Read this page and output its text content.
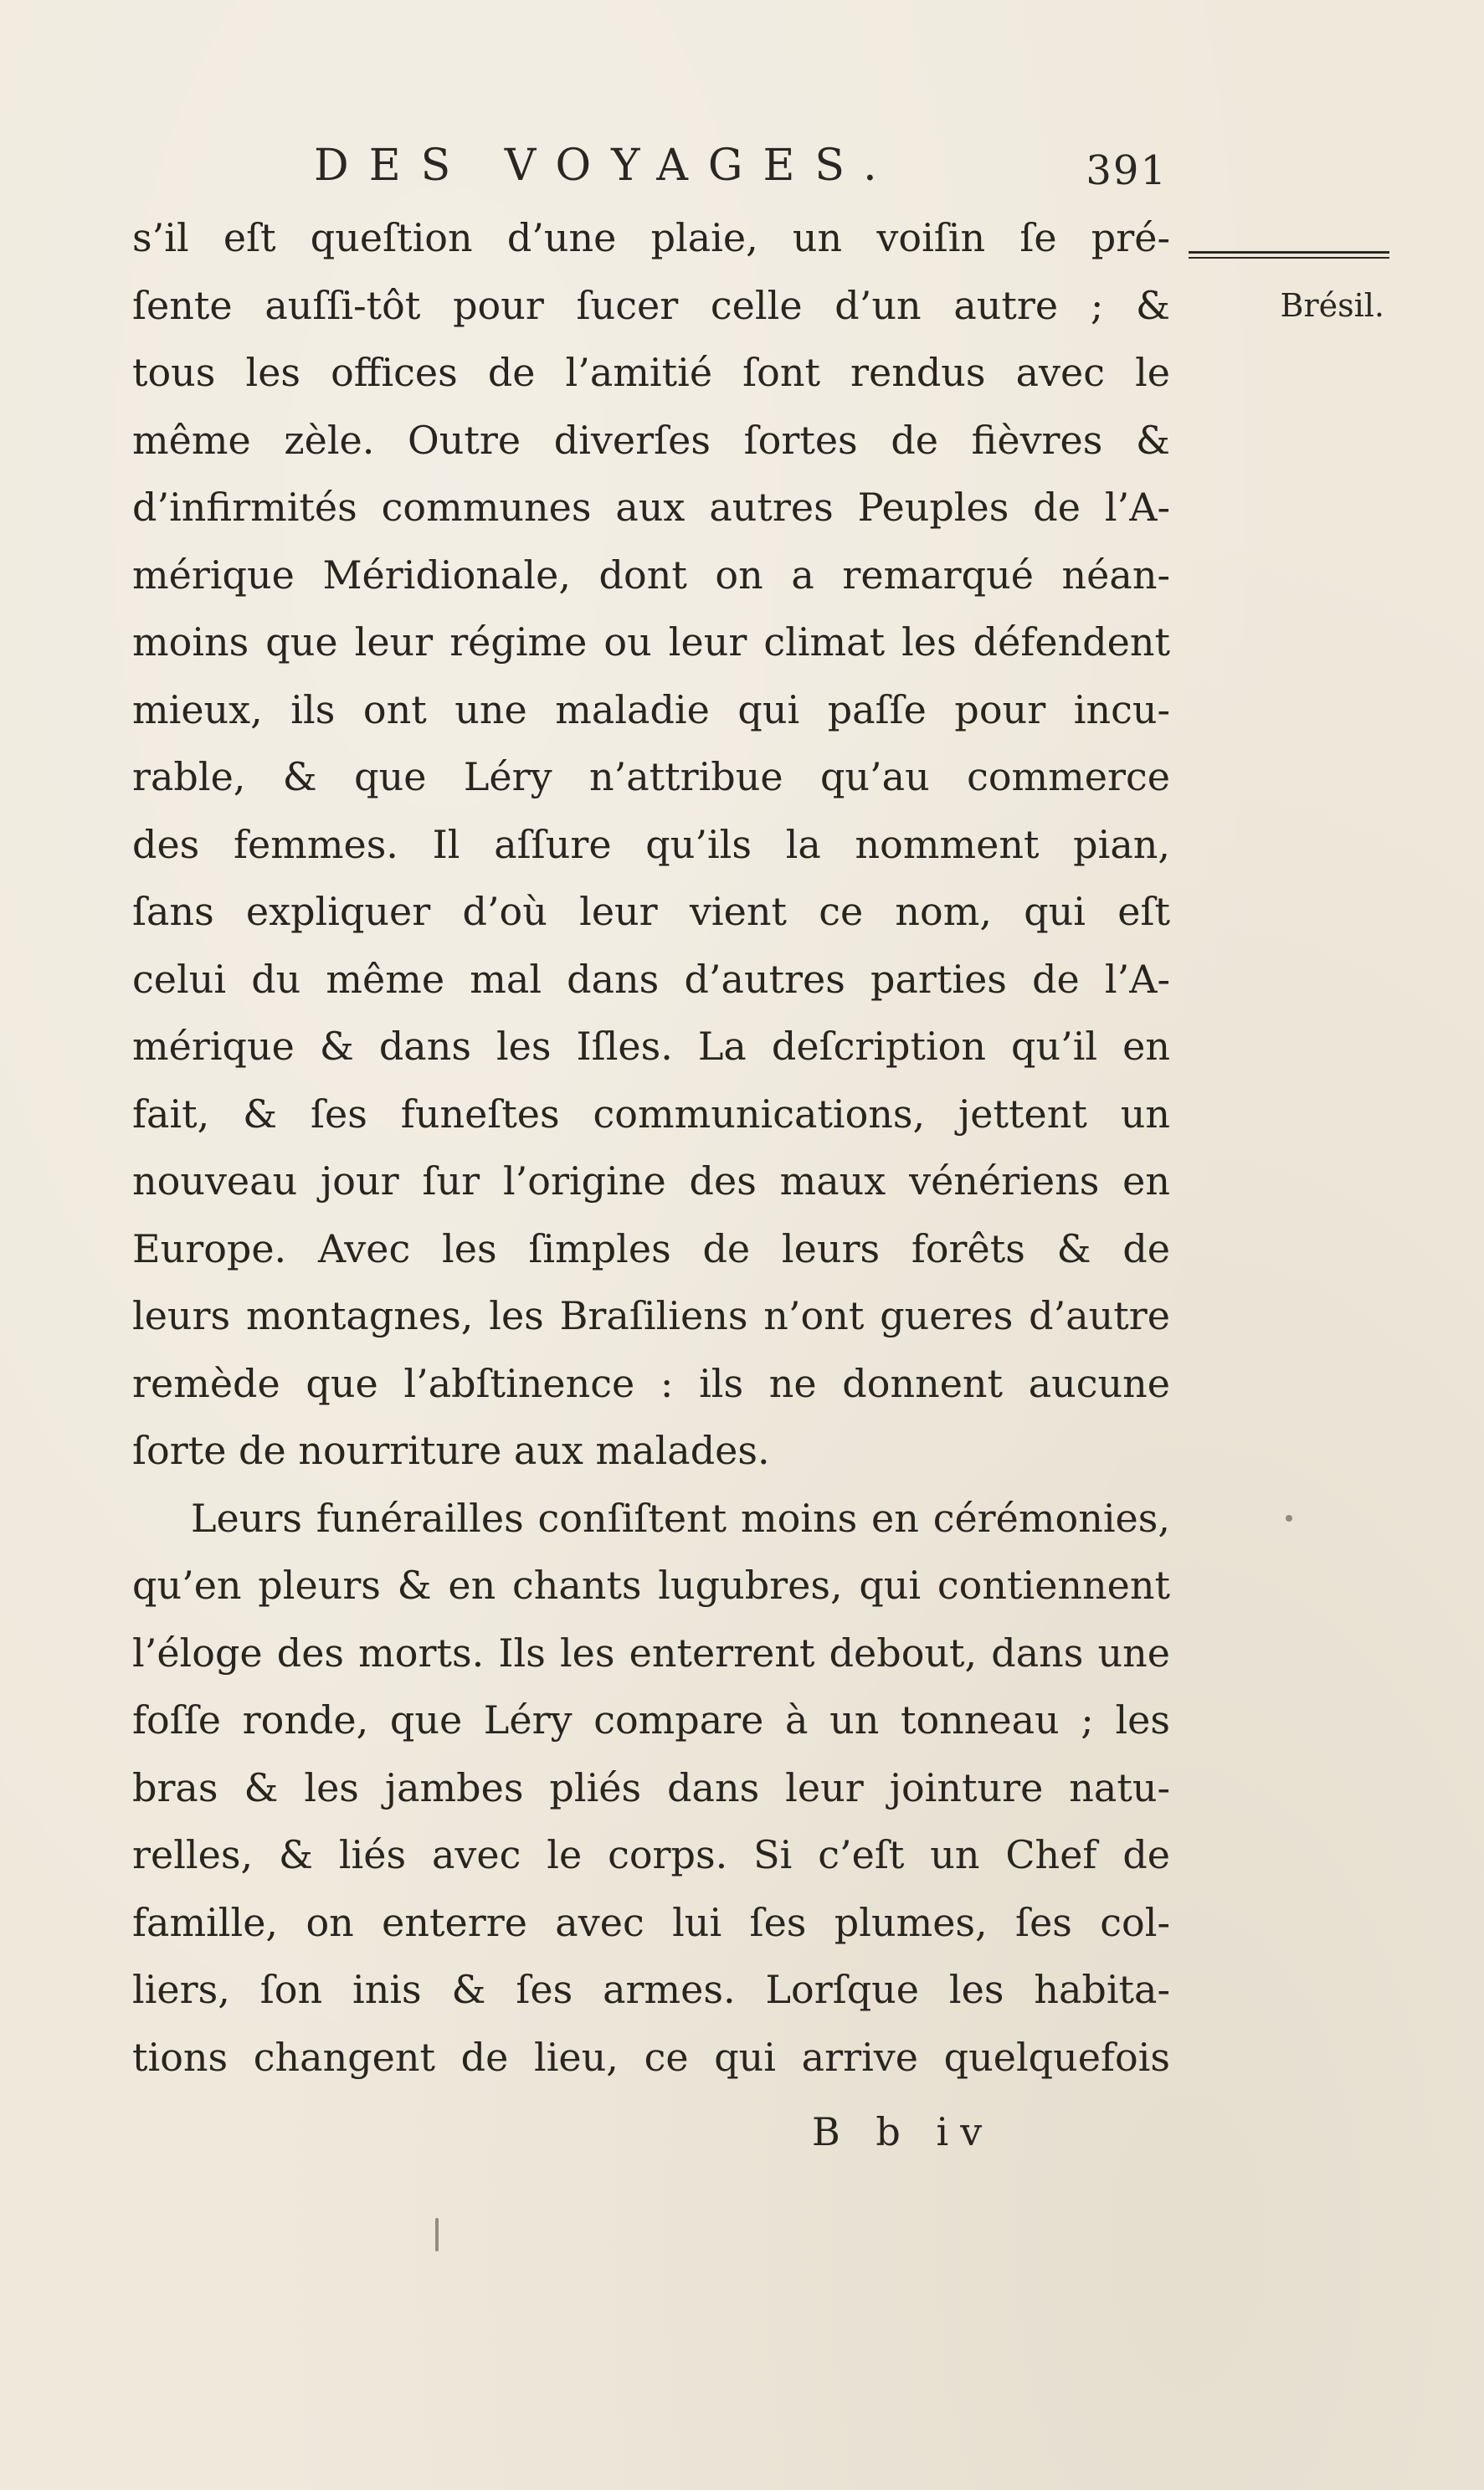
DES VOYAGES.	391
Brésil.
s’il eſt queſtion d’une plaie, un voiſin ſe pré-
ſente auſſi-tôt pour ſucer celle d’un autre ; &
tous les offices de l’amitié ſont rendus avec le
même zèle. Outre diverſes ſortes de fièvres &
d’infirmités communes aux autres Peuples de l’A-
mérique Méridionale, dont on a remarqué néan-
moins que leur régime ou leur climat les défendent
mieux, ils ont une maladie qui paſſe pour incu-
rable, & que Léry n’attribue qu’au commerce
des femmes. Il aſſure qu’ils la nomment pian,
ſans expliquer d’où leur vient ce nom, qui eſt
celui du même mal dans d’autres parties de l’A-
mérique & dans les Iſles. La deſcription qu’il en
fait, & ſes funeſtes communications, jettent un
nouveau jour ſur l’origine des maux vénériens en
Europe. Avec les ſimples de leurs forêts & de
leurs montagnes, les Braſiliens n’ont gueres d’autre
remède que l’abſtinence : ils ne donnent aucune
ſorte de nourriture aux malades.
Leurs funérailles conſiſtent moins en cérémonies,
qu’en pleurs & en chants lugubres, qui contiennent
l’éloge des morts. Ils les enterrent debout, dans une
foſſe ronde, que Léry compare à un tonneau ; les
bras & les jambes pliés dans leur jointure natu-
relles, & liés avec le corps. Si c’eſt un Chef de
famille, on enterre avec lui ſes plumes, ſes col-
liers, ſon inis & ſes armes. Lorſque les habita-
tions changent de lieu, ce qui arrive quelquefois
B b iv
